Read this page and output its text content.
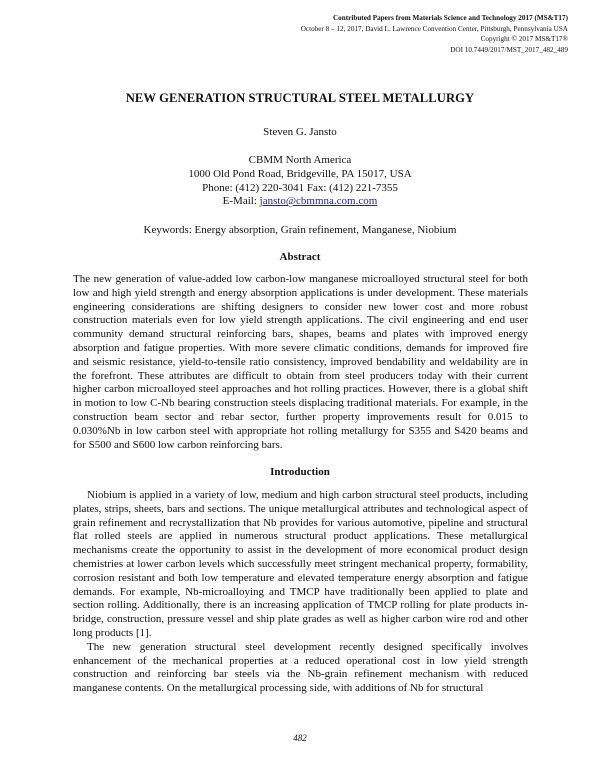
Contributed Papers from Materials Science and Technology 2017 (MS&T17)
October 8 – 12, 2017, David L. Lawrence Convention Center, Pittsburgh, Pennsylvania USA
Copyright © 2017 MS&T17®
DOI 10.7449/2017/MST_2017_482_489
NEW GENERATION STRUCTURAL STEEL METALLURGY
Steven G. Jansto
CBMM North America
1000 Old Pond Road, Bridgeville, PA 15017, USA
Phone: (412) 220-3041 Fax: (412) 221-7355
E-Mail: jansto@cbmmna.com.com
Keywords: Energy absorption, Grain refinement, Manganese, Niobium
Abstract

The new generation of value-added low carbon-low manganese microalloyed structural steel for both low and high yield strength and energy absorption applications is under development. These materials engineering considerations are shifting designers to consider new lower cost and more robust construction materials even for low yield strength applications. The civil engineering and end user community demand structural reinforcing bars, shapes, beams and plates with improved energy absorption and fatigue properties. With more severe climatic conditions, demands for improved fire and seismic resistance, yield-to-tensile ratio consistency, improved bendability and weldability are in the forefront. These attributes are difficult to obtain from steel producers today with their current higher carbon microalloyed steel approaches and hot rolling practices. However, there is a global shift in motion to low C-Nb bearing construction steels displacing traditional materials. For example, in the construction beam sector and rebar sector, further property improvements result for 0.015 to 0.030%Nb in low carbon steel with appropriate hot rolling metallurgy for S355 and S420 beams and for S500 and S600 low carbon reinforcing bars.

Introduction

Niobium is applied in a variety of low, medium and high carbon structural steel products, including plates, strips, sheets, bars and sections. The unique metallurgical attributes and technological aspect of grain refinement and recrystallization that Nb provides for various automotive, pipeline and structural flat rolled steels are applied in numerous structural product applications. These metallurgical mechanisms create the opportunity to assist in the development of more economical product design chemistries at lower carbon levels which successfully meet stringent mechanical property, formability, corrosion resistant and both low temperature and elevated temperature energy absorption and fatigue demands. For example, Nb-microalloying and TMCP have traditionally been applied to plate and section rolling. Additionally, there is an increasing application of TMCP rolling for plate products in-bridge, construction, pressure vessel and ship plate grades as well as higher carbon wire rod and other long products [1].

The new generation structural steel development recently designed specifically involves enhancement of the mechanical properties at a reduced operational cost in low yield strength construction and reinforcing bar steels via the Nb-grain refinement mechanism with reduced manganese contents. On the metallurgical processing side, with additions of Nb for structural

482
